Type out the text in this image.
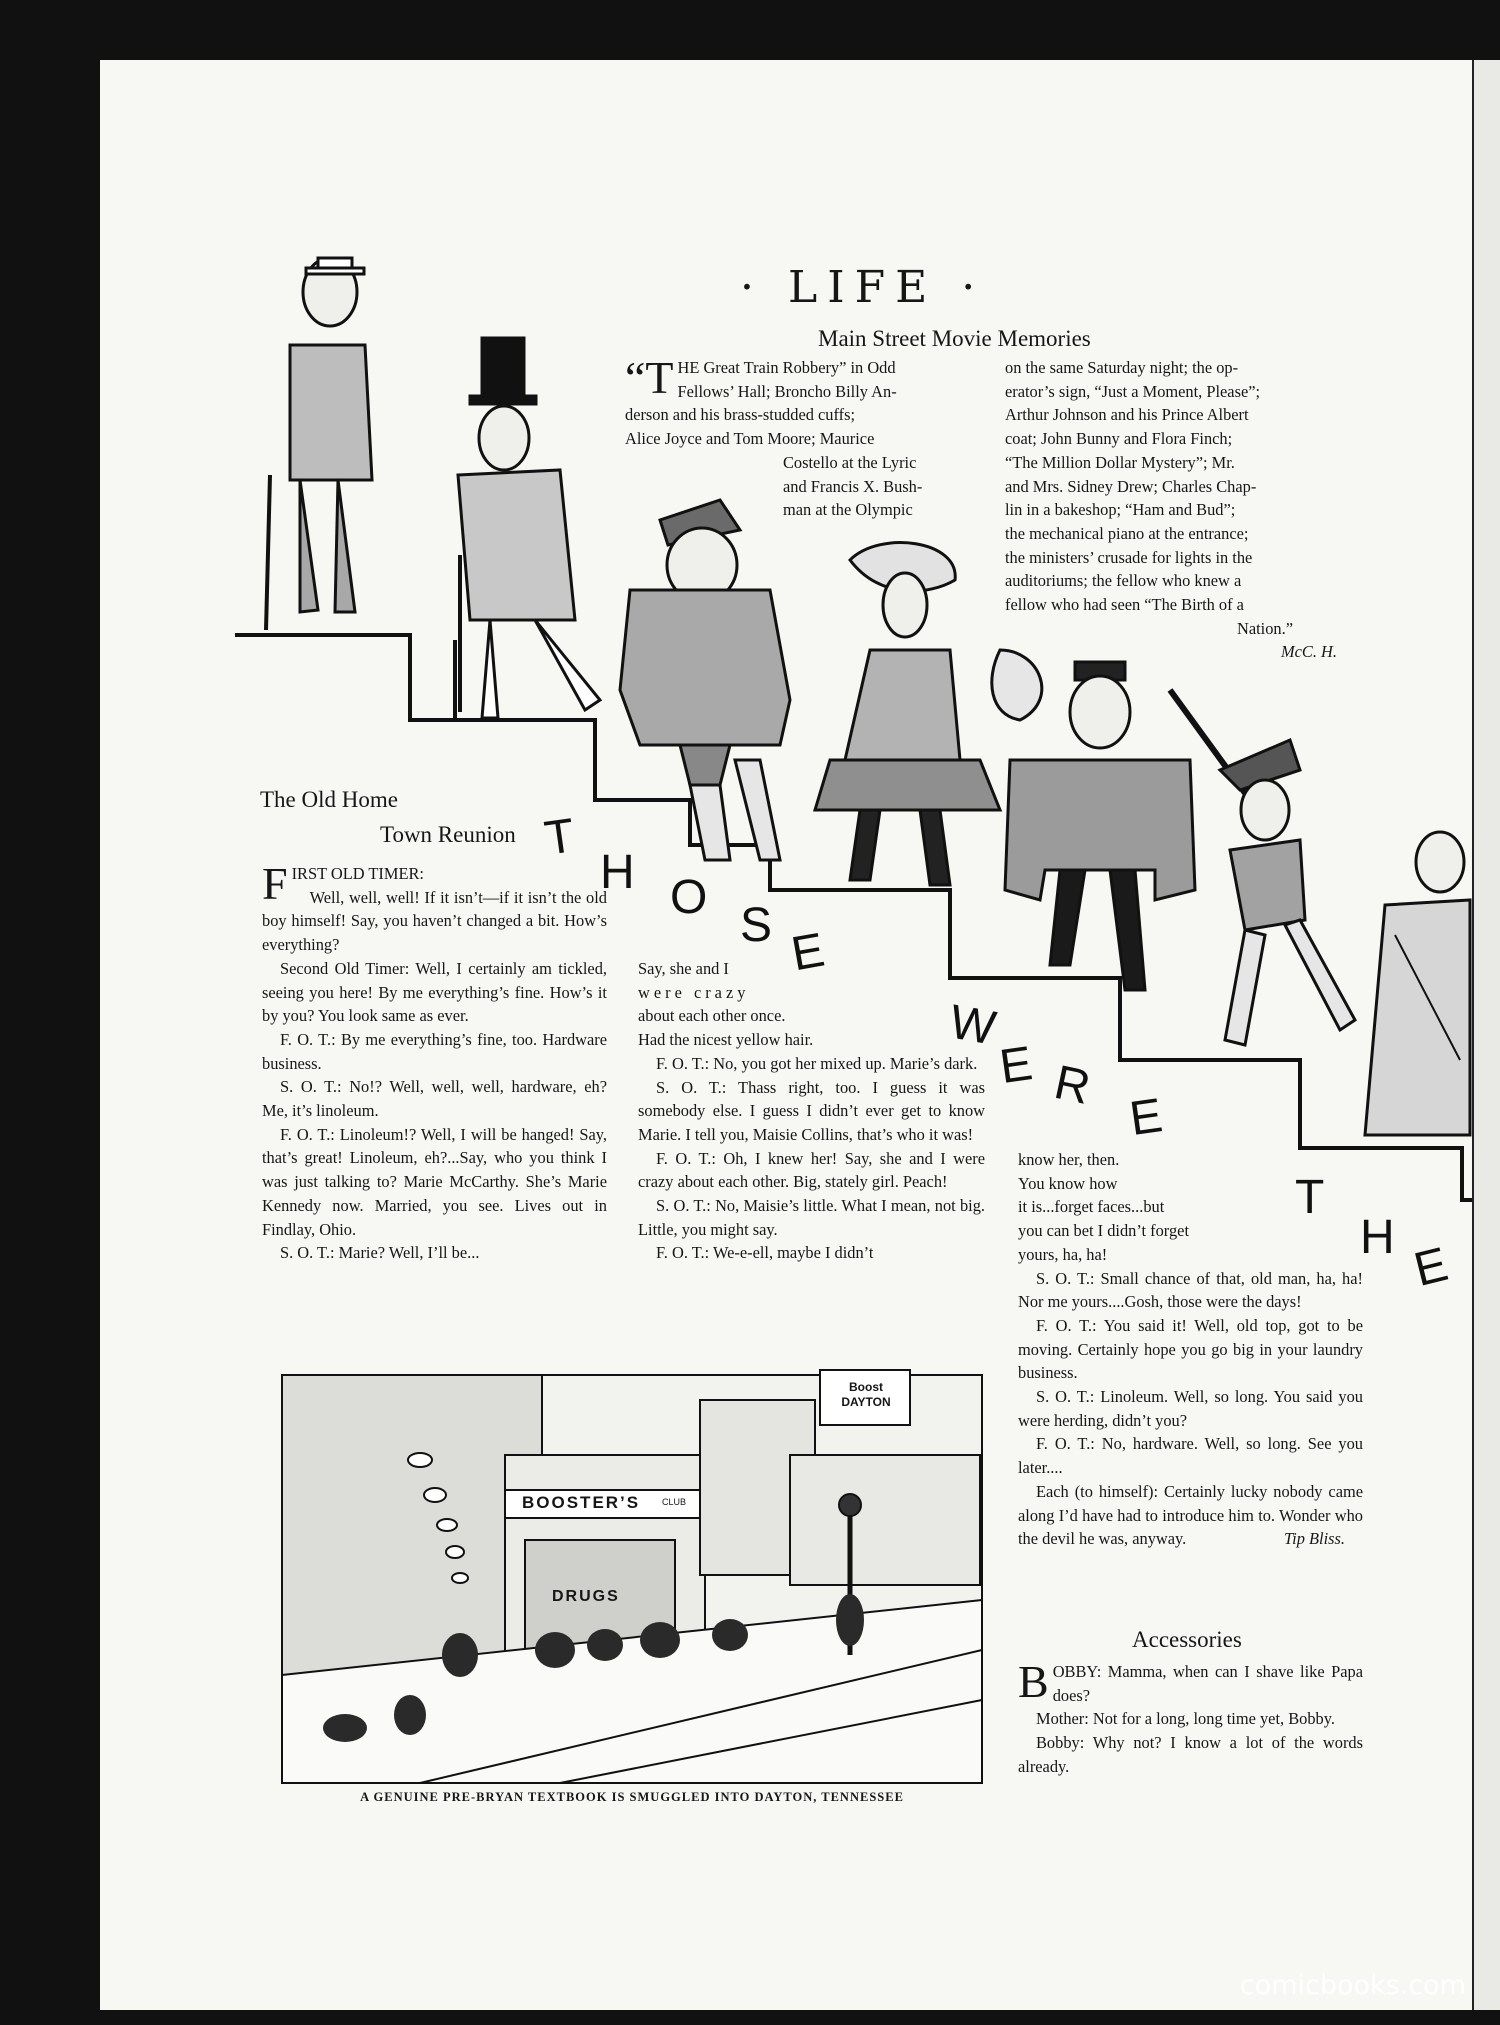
· LIFE ·
Main Street Movie Memories
“T HE Great Train Robbery” in Odd
Fellows’ Hall; Broncho Billy An-
derson and his brass-studded cuffs;
Alice Joyce and Tom Moore; Maurice
Costello at the Lyric
and Francis X. Bush-
man at the Olympic
on the same Saturday night; the op-
erator’s sign, “Just a Moment, Please”;
Arthur Johnson and his Prince Albert
coat; John Bunny and Flora Finch;
“The Million Dollar Mystery”; Mr.
and Mrs. Sidney Drew; Charles Chap-
lin in a bakeshop; “Ham and Bud”;
the mechanical piano at the entrance;
the ministers’ crusade for lights in the
auditoriums; the fellow who knew a
fellow who had seen “The Birth of a
Nation.”
McC. H.
The Old Home
Town Reunion

FIRST OLD TIMER:

Well, well, well! If it isn’t—if it isn’t the old boy himself! Say, you haven’t changed a bit. How’s everything?

Second Old Timer: Well, I certainly am tickled, seeing you here! By me everything’s fine. How’s it by you? You look same as ever.

F. O. T.: By me everything’s fine, too. Hardware business.

S. O. T.: No!? Well, well, well, hardware, eh? Me, it’s linoleum.

F. O. T.: Linoleum!? Well, I will be hanged! Say, that’s great! Linoleum, eh?...Say, who you think I was just talking to? Marie McCarthy. She’s Marie Kennedy now. Married, you see. Lives out in Findlay, Ohio.

S. O. T.: Marie? Well, I’ll be...

Say, she and I

were crazy

about each other once.

Had the nicest yellow hair.

F. O. T.: No, you got her mixed up. Marie’s dark.

S. O. T.: Thass right, too. I guess it was somebody else. I guess I didn’t ever get to know Marie. I tell you, Maisie Collins, that’s who it was!

F. O. T.: Oh, I knew her! Say, she and I were crazy about each other. Big, stately girl. Peach!

S. O. T.: No, Maisie’s little. What I mean, not big. Little, you might say.

F. O. T.: We-e-ell, maybe I didn’t

know her, then.

You know how

it is...forget faces...but

you can bet I didn’t forget

yours, ha, ha!

S. O. T.: Small chance of that, old man, ha, ha! Nor me yours....Gosh, those were the days!

F. O. T.: You said it! Well, old top, got to be moving. Certainly hope you go big in your laundry business.

S. O. T.: Linoleum. Well, so long. You said you were herding, didn’t you?

F. O. T.: No, hardware. Well, so long. See you later....

Each (to himself): Certainly lucky nobody came along I’d have had to introduce him to. Wonder who the devil he was, anyway.	Tip Bliss.
T
H O
S E
W
E R
E
T
H
E
BOOSTER’S CLUB
DRUGS
Boost DAYTON
A GENUINE PRE-BRYAN TEXTBOOK IS SMUGGLED INTO DAYTON, TENNESSEE
Accessories

BOBBY: Mamma, when can I shave like Papa does?

Mother: Not for a long, long time yet, Bobby.

Bobby: Why not? I know a lot of the words already.

comicbooks.com
